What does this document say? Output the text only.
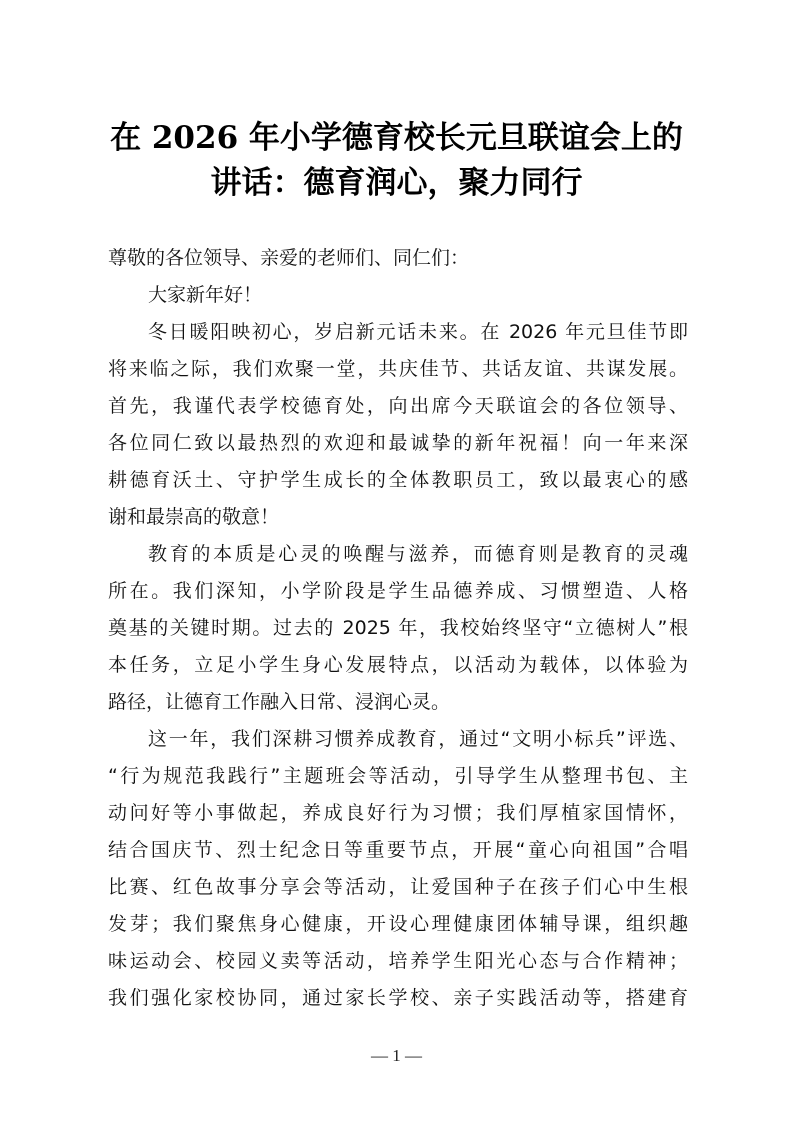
在 2026 年小学德育校长元旦联谊会上的
讲话：德育润心，聚力同行
尊敬的各位领导、亲爱的老师们、同仁们：
大家新年好！
冬日暖阳映初心，岁启新元话未来。在 2026 年元旦佳节即
将来临之际，我们欢聚一堂，共庆佳节、共话友谊、共谋发展。
首先，我谨代表学校德育处，向出席今天联谊会的各位领导、
各位同仁致以最热烈的欢迎和最诚挚的新年祝福！向一年来深
耕德育沃土、守护学生成长的全体教职员工，致以最衷心的感
谢和最崇高的敬意！
教育的本质是心灵的唤醒与滋养，而德育则是教育的灵魂
所在。我们深知，小学阶段是学生品德养成、习惯塑造、人格
奠基的关键时期。过去的 2025 年，我校始终坚守“立德树人”根
本任务，立足小学生身心发展特点，以活动为载体，以体验为
路径，让德育工作融入日常、浸润心灵。
这一年，我们深耕习惯养成教育，通过“文明小标兵”评选、
“行为规范我践行”主题班会等活动，引导学生从整理书包、主
动问好等小事做起，养成良好行为习惯；我们厚植家国情怀，
结合国庆节、烈士纪念日等重要节点，开展“童心向祖国”合唱
比赛、红色故事分享会等活动，让爱国种子在孩子们心中生根
发芽；我们聚焦身心健康，开设心理健康团体辅导课，组织趣
味运动会、校园义卖等活动，培养学生阳光心态与合作精神；
我们强化家校协同，通过家长学校、亲子实践活动等，搭建育
— 1 —
